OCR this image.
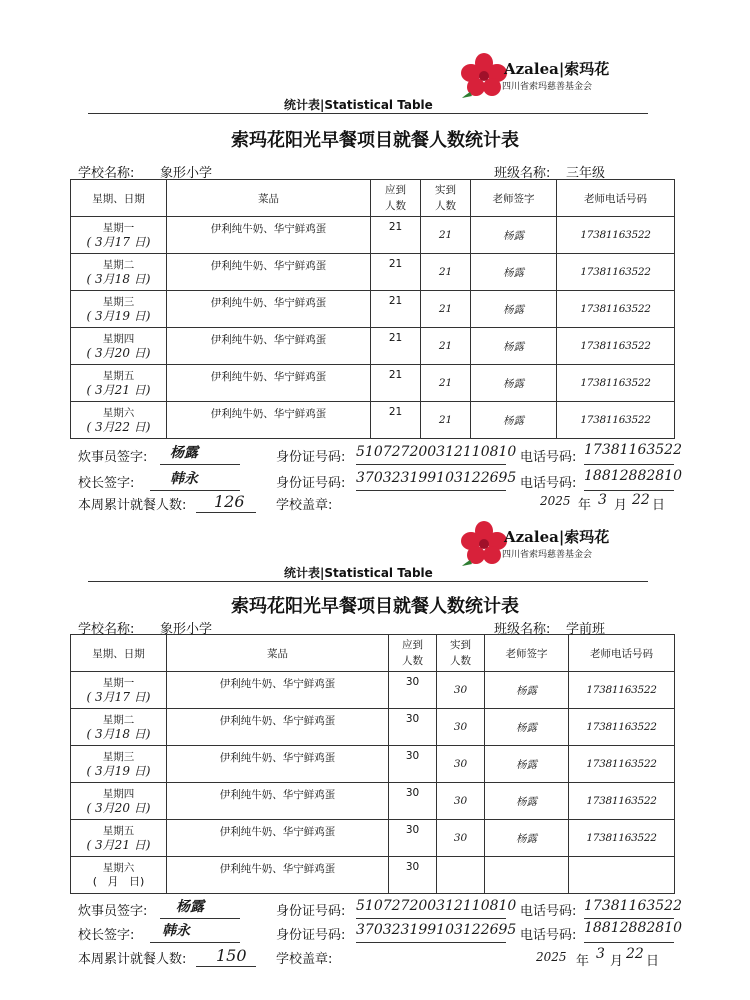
Azalea|索玛花
四川省索玛慈善基金会
统计表|Statistical Table
索玛花阳光早餐项目就餐人数统计表
学校名称: 象形小学	班级名称: 三年级
星期、日期	菜品	应到
人数	实到
人数	老师签字	老师电话号码

星期一
( 3月17 日)	伊利纯牛奶、华宁鲜鸡蛋	21	21	杨露	17381163522

星期二
( 3月18 日)	伊利纯牛奶、华宁鲜鸡蛋	21	21	杨露	17381163522

星期三
( 3月19 日)	伊利纯牛奶、华宁鲜鸡蛋	21	21	杨露	17381163522

星期四
( 3月20 日)	伊利纯牛奶、华宁鲜鸡蛋	21	21	杨露	17381163522

星期五
( 3月21 日)	伊利纯牛奶、华宁鲜鸡蛋	21	21	杨露	17381163522

星期六
( 3月22 日)	伊利纯牛奶、华宁鲜鸡蛋	21	21	杨露	17381163522
炊事员签字: 杨露	身份证号码: 510727200312110810 电话号码: 17381163522
校长签字:	韩永	身份证号码: 370323199103122695 电话号码: 18812882810
本周累计就餐人数: 126 学校盖章:	2025 年 3 月 22 日
Azalea|索玛花
四川省索玛慈善基金会
统计表|Statistical Table
索玛花阳光早餐项目就餐人数统计表
学校名称: 象形小学	班级名称: 学前班
星期、日期	菜品	应到
人数	实到
人数	老师签字	老师电话号码

星期一
( 3月17 日)	伊利纯牛奶、华宁鲜鸡蛋	30	30	杨露	17381163522

星期二
( 3月18 日)	伊利纯牛奶、华宁鲜鸡蛋	30	30	杨露	17381163522

星期三
( 3月19 日)	伊利纯牛奶、华宁鲜鸡蛋	30	30	杨露	17381163522

星期四
( 3月20 日)	伊利纯牛奶、华宁鲜鸡蛋	30	30	杨露	17381163522

星期五
( 3月21 日)	伊利纯牛奶、华宁鲜鸡蛋	30	30	杨露	17381163522

星期六
(   月   日)	伊利纯牛奶、华宁鲜鸡蛋	30			
炊事员签字: 杨露	身份证号码: 510727200312110810 电话号码: 17381163522
校长签字: 韩永	身份证号码: 370323199103122695 电话号码: 18812882810
本周累计就餐人数: 150 学校盖章:	2025 年 3 月 22 日
